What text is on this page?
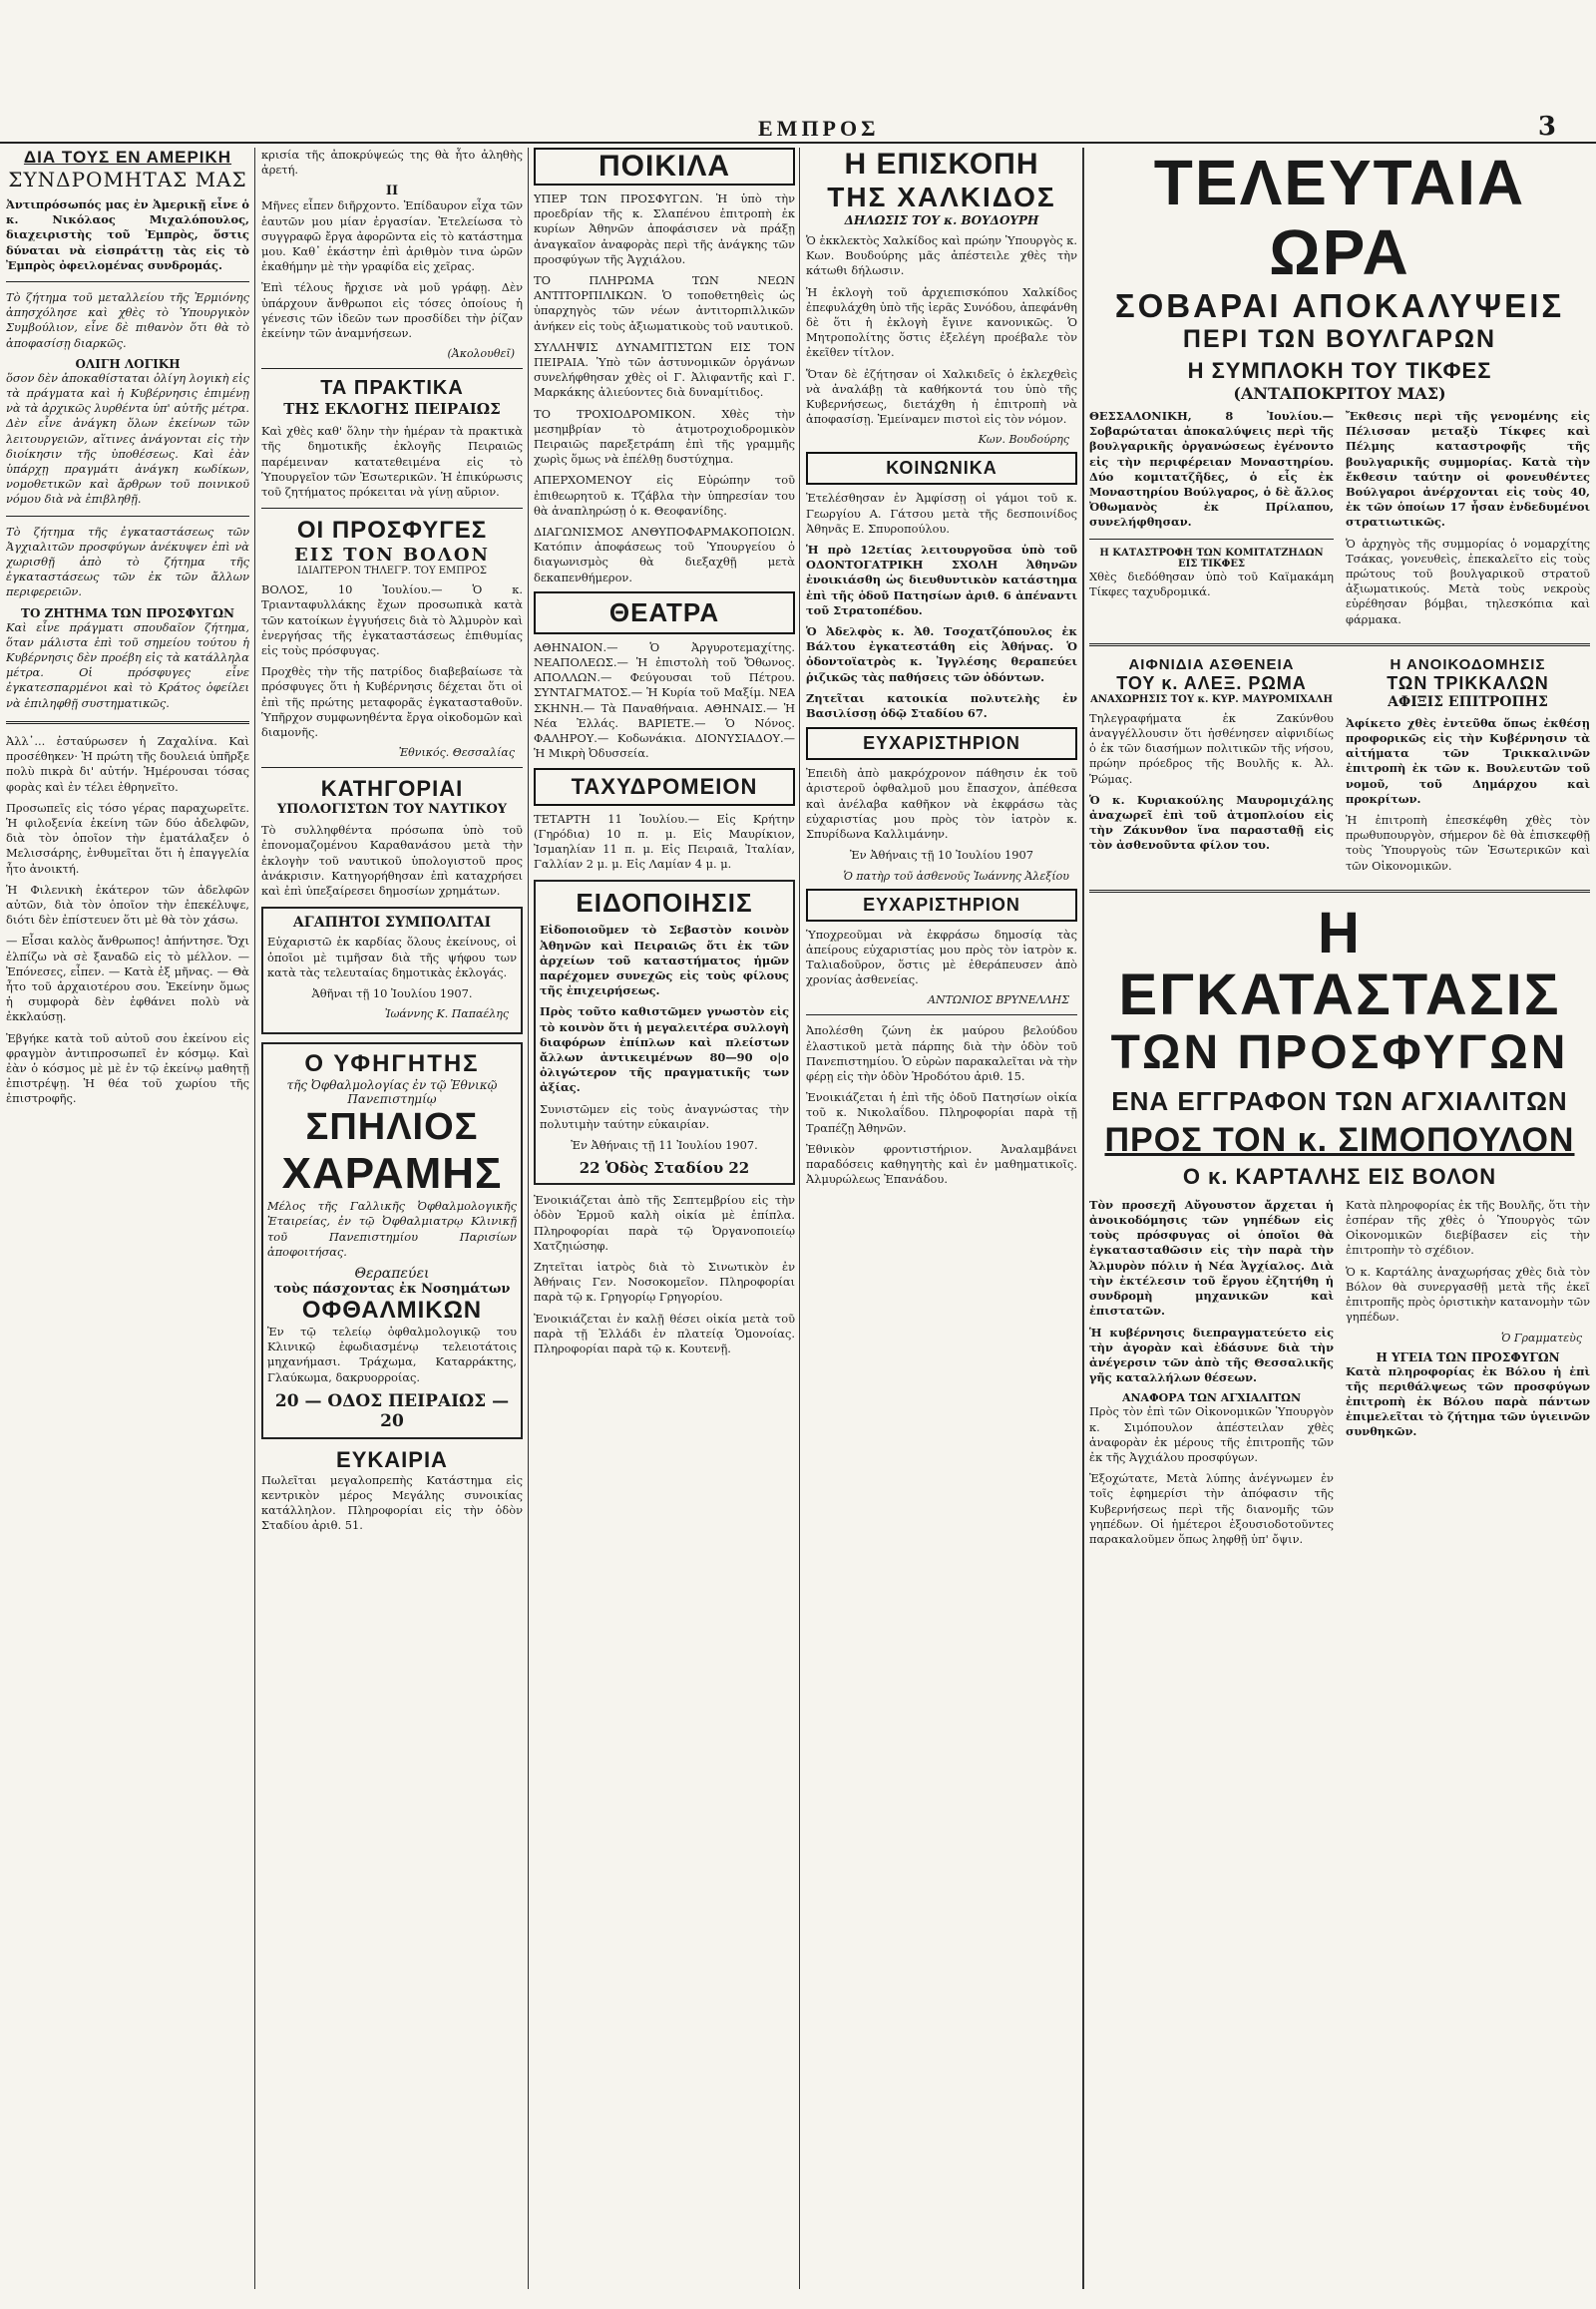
ΕΜΠΡΟΣ	3

ΔΙΑ ΤΟΥΣ ΕΝ ΑΜΕΡΙΚΗ

ΣΥΝΔΡΟΜΗΤΑΣ ΜΑΣ

Ἀντιπρόσωπός μας ἐν Ἀμερικῇ εἶνε ὁ κ. Νικόλαος Μιχαλόπουλος, διαχειριστὴς τοῦ Ἐμπρὸς, ὅστις δύναται νὰ εἰσπράττῃ τὰς εἰς τὸ Ἐμπρὸς ὀφειλομένας συνδρομάς.

Τὸ ζήτημα τοῦ μεταλλείου τῆς Ἑρμιόνης ἀπησχόλησε καὶ χθὲς τὸ Ὑπουργικὸν Συμβούλιον, εἶνε δὲ πιθανὸν ὅτι θὰ τὸ ἀποφασίσῃ διαρκῶς.

ΟΛΙΓΗ ΛΟΓΙΚΗ

ὅσον δὲν ἀποκαθίσταται ὀλίγη λογικὴ εἰς τὰ πράγματα καὶ ἡ Κυβέρνησις ἐπιμένῃ νὰ τὰ ἀρχικῶς λυρθέντα ὑπ' αὐτῆς μέτρα. Δὲν εἶνε ἀνάγκη ὅλων ἐκείνων τῶν λειτουργειῶν, αἵτινες ἀνάγονται εἰς τὴν διοίκησιν τῆς ὑποθέσεως. Καὶ ἐὰν ὑπάρχῃ πραγμάτι ἀνάγκη κωδίκων, νομοθετικῶν καὶ ἄρθρων τοῦ ποινικοῦ νόμου διὰ νὰ ἐπιβληθῇ.

Τὸ ζήτημα τῆς ἐγκαταστάσεως τῶν Ἀγχιαλιτῶν προσφύγων ἀνέκυψεν ἐπὶ νὰ χωρισθῇ ἀπὸ τὸ ζήτημα τῆς ἐγκαταστάσεως τῶν ἐκ τῶν ἄλλων περιφερειῶν.

ΤΟ ΖΗΤΗΜΑ ΤΩΝ ΠΡΟΣΦΥΓΩΝ

Καὶ εἶνε πράγματι σπουδαῖον ζήτημα, ὅταν μάλιστα ἐπὶ τοῦ σημείου τούτου ἡ Κυβέρνησις δὲν προέβη εἰς τὰ κατάλληλα μέτρα. Οἱ πρόσφυγες εἶνε ἐγκατεσπαρμένοι καὶ τὸ Κράτος ὀφείλει νὰ ἐπιληφθῇ συστηματικῶς.

Ἀλλ᾽... ἐσταύρωσεν ἡ Ζαχαλίνα. Καὶ προσέθηκεν· Ἡ πρώτη τῆς δουλειά ὑπῆρξε πολὺ πικρὰ δι' αὐτήν. Ἡμέρουσαι τόσας φορὰς καὶ ἐν τέλει ἐθρηνεῖτο.

Προσωπεῖς εἰς τόσο γέρας παραχωρεῖτε. Ἡ φιλοξενία ἐκείνη τῶν δύο ἀδελφῶν, διὰ τὸν ὁποῖον τὴν ἐματάλαξεν ὁ Μελισσάρης, ἐνθυμεῖται ὅτι ἡ ἐπαγγελία ἦτο ἀνοικτή.

Ἡ Φιλενικὴ ἐκάτερον τῶν ἀδελφῶν αὐτῶν, διὰ τὸν ὁποῖον τὴν ἐπεκέλυψε, διότι δὲν ἐπίστευεν ὅτι μὲ θὰ τὸν χάσω.

— Εἶσαι καλὸς ἄνθρωπος! ἀπήντησε. Ὄχι ἐλπίζω νὰ σὲ ξαναδῶ εἰς τὸ μέλλον. — Ἐπόνεσες, εἶπεν. — Κατὰ ἐξ μῆνας. — Θὰ ἦτο τοῦ ἀρχαιοτέρου σου. Ἐκείνην ὅμως ἡ συμφορὰ δὲν ἐφθάνει πολὺ νὰ ἐκκλαύσῃ.

Ἐβγήκε κατὰ τοῦ αὐτοῦ σου ἐκείνου εἰς φραγμὸν ἀντιπροσωπεῖ ἐν κόσμῳ. Καὶ ἐὰν ὁ κόσμος μὲ μὲ ἐν τῷ ἐκείνῳ μαθητῇ ἐπιστρέψῃ. Ἡ θέα τοῦ χωρίου τῆς ἐπιστροφῆς.

κρισία τῆς ἀποκρύψεώς της θὰ ἦτο ἀληθὴς ἀρετή.

II

Μῆνες εἶπεν διῆρχοντο. Ἐπίδαυρον εἶχα τῶν ἑαυτῶν μου μίαν ἐργασίαν. Ἐτελείωσα τὸ συγγραφῶ ἔργα ἀφορῶντα εἰς τὸ κατάστημα μου. Καθ᾽ ἑκάστην ἐπὶ ἀριθμὸν τινα ὡρῶν ἐκαθήμην μὲ τὴν γραφίδα εἰς χεῖρας.

Ἐπὶ τέλους ἤρχισε νὰ μοῦ γράφῃ. Δὲν ὑπάρχουν ἄνθρωποι εἰς τόσες ὁποίους ἡ γένεσις τῶν ἰδεῶν των προσδίδει τὴν ῥίζαν ἐκείνην τῶν ἀναμνήσεων.

(Ἀκολουθεῖ)

ΤΑ ΠΡΑΚΤΙΚΑ

ΤΗΣ ΕΚΛΟΓΗΣ ΠΕΙΡΑΙΩΣ

Καὶ χθὲς καθ' ὅλην τὴν ἡμέραν τὰ πρακτικὰ τῆς δημοτικῆς ἐκλογῆς Πειραιῶς παρέμειναν κατατεθειμένα εἰς τὸ Ὑπουργεῖον τῶν Ἐσωτερικῶν. Ἡ ἐπικύρωσις τοῦ ζητήματος πρόκειται νὰ γίνῃ αὔριον.

ΟΙ ΠΡΟΣΦΥΓΕΣ

ΕΙΣ ΤΟΝ ΒΟΛΟΝ

ΙΔΙΑΙΤΕΡΟΝ ΤΗΛΕΓΡ. ΤΟΥ ΕΜΠΡΟΣ

ΒΟΛΟΣ, 10 Ἰουλίου.— Ὁ κ. Τριανταφυλλάκης ἔχων προσωπικὰ κατὰ τῶν κατοίκων ἐγγυήσεις διὰ τὸ Ἀλμυρὸν καὶ ἐνεργήσας τῆς ἐγκαταστάσεως ἐπιθυμίας εἰς τοὺς πρόσφυγας.

Προχθὲς τὴν τῆς πατρίδος διαβεβαίωσε τὰ πρόσφυγες ὅτι ἡ Κυβέρνησις δέχεται ὅτι οἱ ἐπὶ τῆς πρώτης μεταφορᾶς ἐγκατασταθοῦν. Ὑπῆρχον συμφωνηθέντα ἔργα οἰκοδομῶν καὶ διαμονῆς.

Ἐθνικός. Θεσσαλίας

ΚΑΤΗΓΟΡΙΑΙ

ΥΠΟΛΟΓΙΣΤΩΝ ΤΟΥ ΝΑΥΤΙΚΟΥ

Τὸ συλληφθέντα πρόσωπα ὑπὸ τοῦ ἐπονομαζομένου Καραθανάσου μετὰ τὴν ἐκλογὴν τοῦ ναυτικοῦ ὑπολογιστοῦ προς ἀνάκρισιν. Κατηγορήθησαν ἐπὶ καταχρήσει καὶ ἐπὶ ὑπεξαίρεσει δημοσίων χρημάτων.

ΑΓΑΠΗΤΟΙ ΣΥΜΠΟΛΙΤΑΙ

Εὐχαριστῶ ἐκ καρδίας ὅλους ἐκείνους, οἱ ὁποῖοι μὲ τιμῆσαν διὰ τῆς ψήφου των κατὰ τὰς τελευταίας δημοτικὰς ἐκλογάς.

Ἀθῆναι τῇ 10 Ἰουλίου 1907.

Ἰωάννης Κ. Παπαέλης

Ο ΥΦΗΓΗΤΗΣ

τῆς Ὀφθαλμολογίας ἐν τῷ Ἐθνικῷ Πανεπιστημίῳ

ΣΠΗΛΙΟΣ

ΧΑΡΑΜΗΣ

Μέλος τῆς Γαλλικῆς Ὀφθαλμολογικῆς Ἑταιρείας, ἐν τῷ Ὀφθαλμιατρῳ Κλινικῇ τοῦ Πανεπιστημίου Παρισίων ἀποφοιτήσας.

Θεραπεύει

τοὺς πάσχοντας ἐκ Νοσημάτων

ΟΦΘΑΛΜΙΚΩΝ

Ἐν τῷ τελείῳ ὀφθαλμολογικῷ του Κλινικῷ ἐφωδιασμένῳ τελειοτάτοις μηχανήμασι. Τράχωμα, Καταρράκτης, Γλαύκωμα, δακρυορροίας.

20 — ΟΔΟΣ ΠΕΙΡΑΙΩΣ — 20

ΕΥΚΑΙΡΙΑ

Πωλεῖται μεγαλοπρεπὴς Κατάστημα εἰς κεντρικὸν μέρος Μεγάλης συνοικίας κατάλληλον. Πληροφορίαι εἰς τὴν ὁδὸν Σταδίου ἀριθ. 51.

ΠΟΙΚΙΛΑ

ΥΠΕΡ ΤΩΝ ΠΡΟΣΦΥΓΩΝ. Ἡ ὑπὸ τὴν προεδρίαν τῆς κ. Σλαπένου ἐπιτροπὴ ἐκ κυρίων Ἀθηνῶν ἀποφάσισεν νὰ πράξῃ ἀναγκαῖον ἀναφορὰς περὶ τῆς ἀνάγκης τῶν προσφύγων τῆς Ἀγχιάλου.

ΤΟ ΠΛΗΡΩΜΑ ΤΩΝ ΝΕΩΝ ΑΝΤΙΤΟΡΠΙΛΙΚΩΝ. Ὁ τοποθετηθεὶς ὡς ὑπαρχηγὸς τῶν νέων ἀντιτορπιλλικῶν ἀνήκεν εἰς τοὺς ἀξιωματικοὺς τοῦ ναυτικοῦ.

ΣΥΛΛΗΨΙΣ ΔΥΝΑΜΙΤΙΣΤΩΝ ΕΙΣ ΤΟΝ ΠΕΙΡΑΙΑ. Ὑπὸ τῶν ἀστυνομικῶν ὀργάνων συνελήφθησαν χθὲς οἱ Γ. Ἀλιφαντῆς καὶ Γ. Μαρκάκης ἀλιεύοντες διὰ δυναμίτιδος.

ΤΟ ΤΡΟΧΙΟΔΡΟΜΙΚΟΝ. Χθὲς τὴν μεσημβρίαν τὸ ἀτμοτροχιοδρομικὸν Πειραιῶς παρεξετράπη ἐπὶ τῆς γραμμῆς χωρὶς ὅμως νὰ ἐπέλθῃ δυστύχημα.

ΑΠΕΡΧΟΜΕΝΟΥ εἰς Εὐρώπην τοῦ ἐπιθεωρητοῦ κ. Τζάβλα τὴν ὑπηρεσίαν του θὰ ἀναπληρώσῃ ὁ κ. Θεοφανίδης.

ΔΙΑΓΩΝΙΣΜΟΣ ΑΝΘΥΠΟΦΑΡΜΑΚΟΠΟΙΩΝ. Κατόπιν ἀποφάσεως τοῦ Ὑπουργείου ὁ διαγωνισμὸς θὰ διεξαχθῇ μετὰ δεκαπενθήμερον.

ΘΕΑΤΡΑ

ΑΘΗΝΑΙΟΝ.— Ὁ Ἀργυροτεμαχίτης. ΝΕΑΠΟΛΕΩΣ.— Ἡ ἐπιστολὴ τοῦ Ὄθωνος. ΑΠΟΛΛΩΝ.— Φεύγουσαι τοῦ Πέτρου. ΣΥΝΤΑΓΜΑΤΟΣ.— Ἡ Κυρία τοῦ Μαξίμ. ΝΕΑ ΣΚΗΝΗ.— Τὰ Παναθήναια. ΑΘΗΝΑΙΣ.— Ἡ Νέα Ἐλλάς. ΒΑΡΙΕΤΕ.— Ὁ Νόνος. ΦΑΛΗΡΟΥ.— Κοδωνάκια. ΔΙΟΝΥΣΙΑΔΟΥ.— Ἡ Μικρὴ Ὀδυσσεία.

ΤΑΧΥΔΡΟΜΕΙΟΝ

ΤΕΤΑΡΤΗ 11 Ἰουλίου.— Εἰς Κρήτην (Γηρόδια) 10 π. μ. Εἰς Μαυρίκιον, Ἰσμαηλίαν 11 π. μ. Εἰς Πειραιᾶ, Ἰταλίαν, Γαλλίαν 2 μ. μ. Εἰς Λαμίαν 4 μ. μ.

ΕΙΔΟΠΟΙΗΣΙΣ

Εἰδοποιοῦμεν τὸ Σεβαστὸν κοινὸν Ἀθηνῶν καὶ Πειραιῶς ὅτι ἐκ τῶν ἀρχείων τοῦ καταστήματος ἡμῶν παρέχομεν συνεχῶς εἰς τοὺς φίλους τῆς ἐπιχειρήσεως.

Πρὸς τοῦτο καθιστῶμεν γνωστὸν εἰς τὸ κοινὸν ὅτι ἡ μεγαλειτέρα συλλογὴ διαφόρων ἐπίπλων καὶ πλείστων ἄλλων ἀντικειμένων 80—90 ο|ο ὀλιγώτερον τῆς πραγματικῆς των ἀξίας.

Συνιστῶμεν εἰς τοὺς ἀναγνώστας τὴν πολυτιμὴν ταύτην εὐκαιρίαν.

Ἐν Ἀθήναις τῇ 11 Ἰουλίου 1907.

22 Ὁδὸς Σταδίου 22

Ἐνοικιάζεται ἀπὸ τῆς Σεπτεμβρίου εἰς τὴν ὁδὸν Ἑρμοῦ καλὴ οἰκία μὲ ἐπίπλα. Πληροφορίαι παρὰ τῷ Ὀργανοποιείῳ Χατζηιώσηφ.

Ζητεῖται ἰατρὸς διὰ τὸ Σινωτικὸν ἐν Ἀθήναις Γεν. Νοσοκομεῖον. Πληροφορίαι παρὰ τῷ κ. Γρηγορίῳ Γρηγορίου.

Ἐνοικιάζεται ἐν καλῇ θέσει οἰκία μετὰ τοῦ παρὰ τῇ Ἑλλάδι ἐν πλατείᾳ Ὁμονοίας. Πληροφορίαι παρὰ τῷ κ. Κουτενῇ.

Η ΕΠΙΣΚΟΠΗ

ΤΗΣ ΧΑΛΚΙΔΟΣ

ΔΗΛΩΣΙΣ ΤΟΥ κ. ΒΟΥΔΟΥΡΗ

Ὁ ἐκκλεκτὸς Χαλκίδος καὶ πρώην Ὑπουργὸς κ. Κων. Βουδούρης μᾶς ἀπέστειλε χθὲς τὴν κάτωθι δήλωσιν.

Ἡ ἐκλογὴ τοῦ ἀρχιεπισκόπου Χαλκίδος ἐπεφυλάχθη ὑπὸ τῆς ἱερᾶς Συνόδου, ἀπεφάνθη δὲ ὅτι ἡ ἐκλογὴ ἔγινε κανονικῶς. Ὁ Μητροπολίτης ὅστις ἐξελέγη προέβαλε τὸν ἐκεῖθεν τίτλον.

Ὅταν δὲ ἐζήτησαν οἱ Χαλκιδεῖς ὁ ἐκλεχθεὶς νὰ ἀναλάβῃ τὰ καθήκοντά του ὑπὸ τῆς Κυβερνήσεως, διετάχθη ἡ ἐπιτροπὴ νὰ ἀποφασίσῃ. Ἐμείναμεν πιστοὶ εἰς τὸν νόμον.

Κων. Βουδούρης

ΚΟΙΝΩΝΙΚΑ

Ἐτελέσθησαν ἐν Ἀμφίσσῃ οἱ γάμοι τοῦ κ. Γεωργίου Α. Γάτσου μετὰ τῆς δεσποινίδος Ἀθηνᾶς Ε. Σπυροπούλου.

Ἡ πρὸ 12ετίας λειτουργοῦσα ὑπὸ τοῦ ΟΔΟΝΤΟΓΑΤΡΙΚΗ ΣΧΟΛΗ Ἀθηνῶν ἐνοικιάσθη ὡς διευθυντικὸν κατάστημα ἐπὶ τῆς ὁδοῦ Πατησίων ἀριθ. 6 ἀπέναντι τοῦ Στρατοπέδου.

Ὁ Ἀδελφὸς κ. Ἀθ. Τσοχατζόπουλος ἐκ Βάλτου ἐγκατεστάθη εἰς Ἀθήνας. Ὁ ὀδοντοϊατρὸς κ. Ἰγγλέσης θεραπεύει ῥιζικῶς τὰς παθήσεις τῶν ὀδόντων.

Ζητεῖται κατοικία πολυτελὴς ἐν Βασιλίσσῃ ὁδῷ Σταδίου 67.

ΕΥΧΑΡΙΣΤΗΡΙΟΝ

Ἐπειδὴ ἀπὸ μακρόχρονον πάθησιν ἐκ τοῦ ἀριστεροῦ ὀφθαλμοῦ μου ἔπασχον, ἀπέθεσα καὶ ἀνέλαβα καθῆκον νὰ ἐκφράσω τὰς εὐχαριστίας μου πρὸς τὸν ἰατρὸν κ. Σπυρίδωνα Καλλιμάνην.

Ἐν Ἀθήναις τῇ 10 Ἰουλίου 1907

Ὁ πατὴρ τοῦ ἀσθενοῦς Ἰωάννης Ἀλεξίου

ΕΥΧΑΡΙΣΤΗΡΙΟΝ

Ὑποχρεοῦμαι νὰ ἐκφράσω δημοσίᾳ τὰς ἀπείρους εὐχαριστίας μου πρὸς τὸν ἰατρὸν κ. Ταλιαδοῦρον, ὅστις μὲ ἐθεράπευσεν ἀπὸ χρονίας ἀσθενείας.

ΑΝΤΩΝΙΟΣ ΒΡΥΝΕΛΛΗΣ

Ἀπολέσθη ζώνη ἐκ μαύρου βελούδου ἐλαστικοῦ μετὰ πάρπης διὰ τὴν ὁδὸν τοῦ Πανεπιστημίου. Ὁ εὑρὼν παρακαλεῖται νὰ τὴν φέρῃ εἰς τὴν ὁδὸν Ἡροδότου ἀριθ. 15.

Ἐνοικιάζεται ἡ ἐπὶ τῆς ὁδοῦ Πατησίων οἰκία τοῦ κ. Νικολαΐδου. Πληροφορίαι παρὰ τῇ Τραπέζῃ Ἀθηνῶν.

Ἐθνικὸν φροντιστήριον. Ἀναλαμβάνει παραδόσεις καθηγητὴς καὶ ἐν μαθηματικοῖς. Ἀλμυρώλεως Ἐπανάδου.

ΤΕΛΕΥΤΑΙΑ ΩΡΑ

ΣΟΒΑΡΑΙ ΑΠΟΚΑΛΥΨΕΙΣ

ΠΕΡΙ ΤΩΝ ΒΟΥΛΓΑΡΩΝ

Η ΣΥΜΠΛΟΚΗ ΤΟΥ ΤΙΚΦΕΣ

(ΑΝΤΑΠΟΚΡΙΤΟΥ ΜΑΣ)

ΘΕΣΣΑΛΟΝΙΚΗ, 8 Ἰουλίου.— Σοβαρώταται ἀποκαλύψεις περὶ τῆς βουλγαρικῆς ὀργανώσεως ἐγένοντο εἰς τὴν περιφέρειαν Μοναστηρίου. Δύο κομιτατζῆδες, ὁ εἷς ἐκ Μοναστηρίου Βούλγαρος, ὁ δὲ ἄλλος Ὀθωμανὸς ἐκ Πρίλαπου, συνελήφθησαν.

Η ΚΑΤΑΣΤΡΟΦΗ ΤΩΝ ΚΟΜΙΤΑΤΖΗΔΩΝ ΕΙΣ ΤΙΚΦΕΣ

Χθὲς διεδόθησαν ὑπὸ τοῦ Καϊμακάμη Τίκφες ταχυδρομικά.

Ἔκθεσις περὶ τῆς γενομένης εἰς Πέλισσαν μεταξὺ Τίκφες καὶ Πέλμης καταστροφῆς τῆς βουλγαρικῆς συμμορίας. Κατὰ τὴν ἔκθεσιν ταύτην οἱ φονευθέντες Βούλγαροι ἀνέρχονται εἰς τοὺς 40, ἐκ τῶν ὁποίων 17 ἦσαν ἐνδεδυμένοι στρατιωτικῶς.

Ὁ ἀρχηγὸς τῆς συμμορίας ὁ νομαρχίτης Τσάκας, γονευθεὶς, ἐπεκαλεῖτο εἰς τοὺς πρώτους τοῦ βουλγαρικοῦ στρατοῦ ἀξιωματικούς. Μετὰ τοὺς νεκροὺς εὑρέθησαν βόμβαι, τηλεσκόπια καὶ φάρμακα.

ΑΙΦΝΙΔΙΑ ΑΣΘΕΝΕΙΑ

ΤΟΥ κ. ΑΛΕΞ. ΡΩΜΑ

ΑΝΑΧΩΡΗΣΙΣ ΤΟΥ κ. ΚΥΡ. ΜΑΥΡΟΜΙΧΑΛΗ

Τηλεγραφήματα ἐκ Ζακύνθου ἀναγγέλλουσιν ὅτι ἠσθένησεν αἰφνιδίως ὁ ἐκ τῶν διασήμων πολιτικῶν τῆς νήσου, πρώην πρόεδρος τῆς Βουλῆς κ. Ἀλ. Ῥώμας.

Ὁ κ. Κυριακούλης Μαυρομιχάλης ἀναχωρεῖ ἐπὶ τοῦ ἀτμοπλοίου εἰς τὴν Ζάκυνθον ἵνα παρασταθῇ εἰς τὸν ἀσθενοῦντα φίλον του.

Η ΑΝΟΙΚΟΔΟΜΗΣΙΣ

ΤΩΝ ΤΡΙΚΚΑΛΩΝ

ΑΦΙΞΙΣ ΕΠΙΤΡΟΠΗΣ

Ἀφίκετο χθὲς ἐντεῦθα ὅπως ἐκθέσῃ προφορικῶς εἰς τὴν Κυβέρνησιν τὰ αἰτήματα τῶν Τρικκαλινῶν ἐπιτροπὴ ἐκ τῶν κ. Βουλευτῶν τοῦ νομοῦ, τοῦ Δημάρχου καὶ προκρίτων.

Ἡ ἐπιτροπὴ ἐπεσκέφθη χθὲς τὸν πρωθυπουργὸν, σήμερον δὲ θὰ ἐπισκεφθῇ τοὺς Ὑπουργοὺς τῶν Ἐσωτερικῶν καὶ τῶν Οἰκονομικῶν.

Η ΕΓΚΑΤΑΣΤΑΣΙΣ

ΤΩΝ ΠΡΟΣΦΥΓΩΝ

ΕΝΑ ΕΓΓΡΑΦΟΝ ΤΩΝ ΑΓΧΙΑΛΙΤΩΝ

ΠΡΟΣ ΤΟΝ κ. ΣΙΜΟΠΟΥΛΟΝ

Ο κ. ΚΑΡΤΑΛΗΣ ΕΙΣ ΒΟΛΟΝ

Τὸν προσεχῆ Αὔγουστον ἄρχεται ἡ ἀνοικοδόμησις τῶν γηπέδων εἰς τοὺς πρόσφυγας οἱ ὁποῖοι θὰ ἐγκατασταθῶσιν εἰς τὴν παρὰ τὴν Ἀλμυρὸν πόλιν ἡ Νέα Ἀγχίαλος. Διὰ τὴν ἐκτέλεσιν τοῦ ἔργου ἐζητήθη ἡ συνδρομὴ μηχανικῶν καὶ ἐπιστατῶν.

Ἡ κυβέρνησις διεπραγματεύετο εἰς τὴν ἀγορὰν καὶ ἐδάσυνε διὰ τὴν ἀνέγερσιν τῶν ἀπὸ τῆς Θεσσαλικῆς γῆς καταλλήλων θέσεων.

ΑΝΑΦΟΡΑ ΤΩΝ ΑΓΧΙΑΛΙΤΩΝ

Πρὸς τὸν ἐπὶ τῶν Οἰκονομικῶν Ὑπουργὸν κ. Σιμόπουλον ἀπέστειλαν χθὲς ἀναφορὰν ἐκ μέρους τῆς ἐπιτροπῆς τῶν ἐκ τῆς Ἀγχιάλου προσφύγων.

Ἐξοχώτατε, Μετὰ λύπης ἀνέγνωμεν ἐν τοῖς ἐφημερίσι τὴν ἀπόφασιν τῆς Κυβερνήσεως περὶ τῆς διανομῆς τῶν γηπέδων. Οἱ ἡμέτεροι ἐξουσιοδοτοῦντες παρακαλοῦμεν ὅπως ληφθῇ ὑπ' ὄψιν.

Κατὰ πληροφορίας ἐκ τῆς Βουλῆς, ὅτι τὴν ἐσπέραν τῆς χθὲς ὁ Ὑπουργὸς τῶν Οἰκονομικῶν διεβίβασεν εἰς τὴν ἐπιτροπὴν τὸ σχέδιον.

Ὁ κ. Καρτάλης ἀναχωρήσας χθὲς διὰ τὸν Βόλον θὰ συνεργασθῇ μετὰ τῆς ἐκεῖ ἐπιτροπῆς πρὸς ὁριστικὴν κατανομὴν τῶν γηπέδων.

Ὁ Γραμματεὺς

Η ΥΓΕΙΑ ΤΩΝ ΠΡΟΣΦΥΓΩΝ

Κατὰ πληροφορίας ἐκ Βόλου ἡ ἐπὶ τῆς περιθάλψεως τῶν προσφύγων ἐπιτροπὴ ἐκ Βόλου παρὰ πάντων ἐπιμελεῖται τὸ ζήτημα τῶν ὑγιεινῶν συνθηκῶν.
